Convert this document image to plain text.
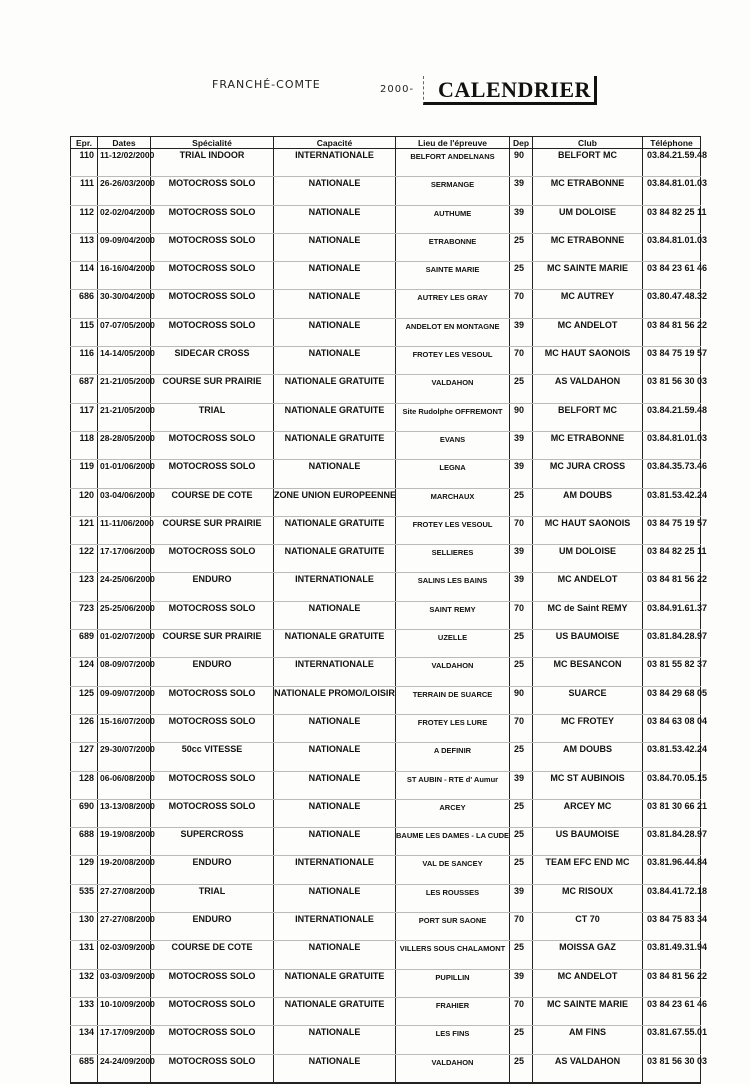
FRANCHÉ-COMTE	2000- CALENDRIER
Epr.	Dates	Spécialité	Capacité	Lieu de l'épreuve	Dep	Club	Téléphone
110	11-12/02/2000	TRIAL INDOOR	INTERNATIONALE	BELFORT ANDELNANS	90	BELFORT MC	03.84.21.59.48
111	26-26/03/2000	MOTOCROSS SOLO	NATIONALE	SERMANGE	39	MC ETRABONNE	03.84.81.01.03
112	02-02/04/2000	MOTOCROSS SOLO	NATIONALE	AUTHUME	39	UM DOLOISE	03 84 82 25 11
113	09-09/04/2000	MOTOCROSS SOLO	NATIONALE	ETRABONNE	25	MC ETRABONNE	03.84.81.01.03
114	16-16/04/2000	MOTOCROSS SOLO	NATIONALE	SAINTE MARIE	25	MC SAINTE MARIE	03 84 23 61 46
686	30-30/04/2000	MOTOCROSS SOLO	NATIONALE	AUTREY LES GRAY	70	MC AUTREY	03.80.47.48.32
115	07-07/05/2000	MOTOCROSS SOLO	NATIONALE	ANDELOT EN MONTAGNE	39	MC ANDELOT	03 84 81 56 22
116	14-14/05/2000	SIDECAR CROSS	NATIONALE	FROTEY LES VESOUL	70	MC HAUT SAONOIS	03 84 75 19 57
687	21-21/05/2000	COURSE SUR PRAIRIE	NATIONALE GRATUITE	VALDAHON	25	AS VALDAHON	03 81 56 30 03
117	21-21/05/2000	TRIAL	NATIONALE GRATUITE	Site Rudolphe OFFREMONT	90	BELFORT MC	03.84.21.59.48
118	28-28/05/2000	MOTOCROSS SOLO	NATIONALE GRATUITE	EVANS	39	MC ETRABONNE	03.84.81.01.03
119	01-01/06/2000	MOTOCROSS SOLO	NATIONALE	LEGNA	39	MC JURA CROSS	03.84.35.73.46
120	03-04/06/2000	COURSE DE COTE	ZONE UNION EUROPEENNE	MARCHAUX	25	AM DOUBS	03.81.53.42.24
121	11-11/06/2000	COURSE SUR PRAIRIE	NATIONALE GRATUITE	FROTEY LES VESOUL	70	MC HAUT SAONOIS	03 84 75 19 57
122	17-17/06/2000	MOTOCROSS SOLO	NATIONALE GRATUITE	SELLIERES	39	UM DOLOISE	03 84 82 25 11
123	24-25/06/2000	ENDURO	INTERNATIONALE	SALINS LES BAINS	39	MC ANDELOT	03 84 81 56 22
723	25-25/06/2000	MOTOCROSS SOLO	NATIONALE	SAINT REMY	70	MC de Saint REMY	03.84.91.61.37
689	01-02/07/2000	COURSE SUR PRAIRIE	NATIONALE GRATUITE	UZELLE	25	US BAUMOISE	03.81.84.28.97
124	08-09/07/2000	ENDURO	INTERNATIONALE	VALDAHON	25	MC BESANCON	03 81 55 82 37
125	09-09/07/2000	MOTOCROSS SOLO	NATIONALE PROMO/LOISIR	TERRAIN DE SUARCE	90	SUARCE	03 84 29 68 05
126	15-16/07/2000	MOTOCROSS SOLO	NATIONALE	FROTEY LES LURE	70	MC FROTEY	03 84 63 08 04
127	29-30/07/2000	50cc VITESSE	NATIONALE	A DEFINIR	25	AM DOUBS	03.81.53.42.24
128	06-06/08/2000	MOTOCROSS SOLO	NATIONALE	ST AUBIN - RTE d' Aumur	39	MC ST AUBINOIS	03.84.70.05.15
690	13-13/08/2000	MOTOCROSS SOLO	NATIONALE	ARCEY	25	ARCEY MC	03 81 30 66 21
688	19-19/08/2000	SUPERCROSS	NATIONALE	BAUME LES DAMES - LA CUDE	25	US BAUMOISE	03.81.84.28.97
129	19-20/08/2000	ENDURO	INTERNATIONALE	VAL DE SANCEY	25	TEAM EFC END MC	03.81.96.44.84
535	27-27/08/2000	TRIAL	NATIONALE	LES ROUSSES	39	MC RISOUX	03.84.41.72.18
130	27-27/08/2000	ENDURO	INTERNATIONALE	PORT SUR SAONE	70	CT 70	03 84 75 83 34
131	02-03/09/2000	COURSE DE COTE	NATIONALE	VILLERS SOUS CHALAMONT	25	MOISSA GAZ	03.81.49.31.94
132	03-03/09/2000	MOTOCROSS SOLO	NATIONALE GRATUITE	PUPILLIN	39	MC ANDELOT	03 84 81 56 22
133	10-10/09/2000	MOTOCROSS SOLO	NATIONALE GRATUITE	FRAHIER	70	MC SAINTE MARIE	03 84 23 61 46
134	17-17/09/2000	MOTOCROSS SOLO	NATIONALE	LES FINS	25	AM FINS	03.81.67.55.01
685	24-24/09/2000	MOTOCROSS SOLO	NATIONALE	VALDAHON	25	AS VALDAHON	03 81 56 30 03
